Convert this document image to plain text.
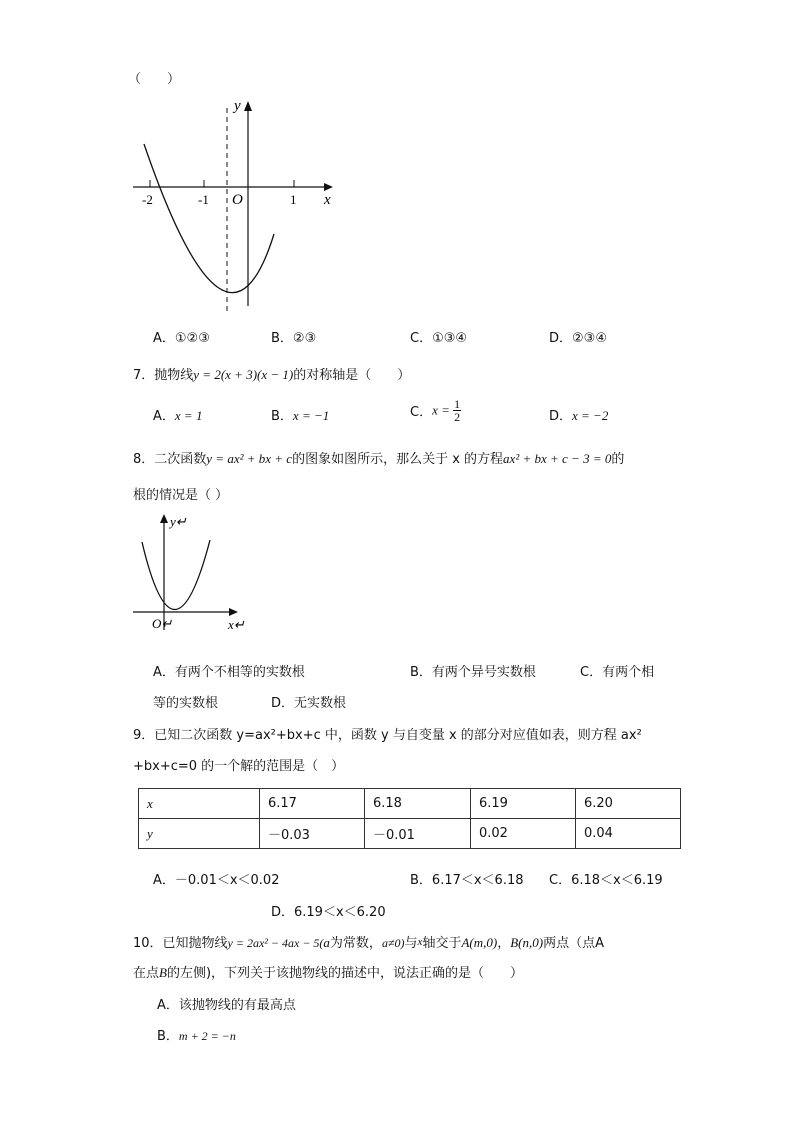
（　　）
y
x
O
-2	-1	1
A．①②③	B．②③	C．①③④	D．②③④
7．抛物线y = 2(x + 3)(x − 1)的对称轴是（　　）
A．x = 1	B．x = −1	C．$x = \frac{1}{2}$	D．x = −2
8．二次函数y = ax² + bx + c的图象如图所示，那么关于 x 的方程ax² + bx + c − 3 = 0的
根的情况是（ ）
y↵
x↵
O↵
A．有两个不相等的实数根	B．有两个异号实数根	C．有两个相
等的实数根	D．无实数根
9．已知二次函数 y=ax²+bx+c 中，函数 y 与自变量 x 的部分对应值如表，则方程 ax²
+bx+c=0 的一个解的范围是（　）
x	6.17	6.18	6.19	6.20
y	－0.03	－0.01	0.02	0.04
A．－0.01＜x＜0.02	B．6.17＜x＜6.18 C．6.18＜x＜6.19
D．6.19＜x＜6.20
10．已知抛物线y = 2ax² − 4ax − 5(a为常数，a≠0)与x轴交于A(m,0)，B(n,0)两点（点A
在点B的左侧)，下列关于该抛物线的描述中，说法正确的是（　　）
A．该抛物线的有最高点
B．m + 2 = −n
